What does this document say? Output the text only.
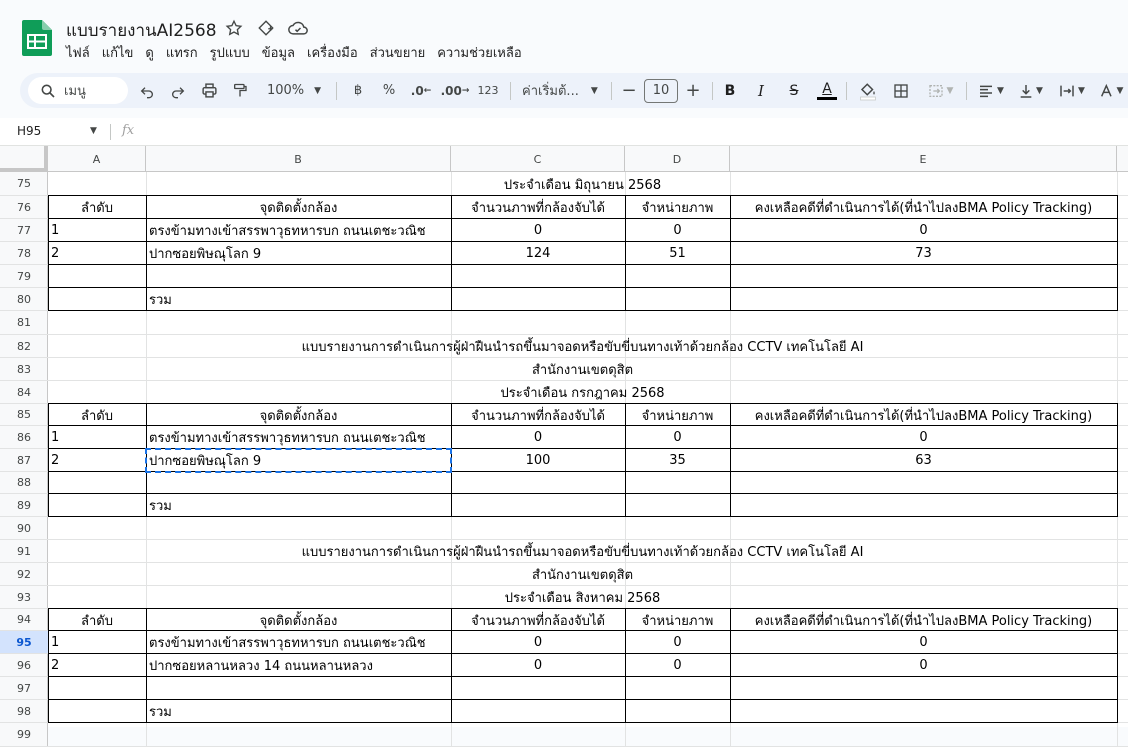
แบบรายงานAI2568
ไฟล์ แก้ไข ดู แทรก รูปแบบ ข้อมูล เครื่องมือ ส่วนขยาย ความช่วยเหลือ
เมนู	100% ▼	฿ % .0 ← .00 → 123 ค่าเริ่มต้... ▼ −	10 +	B	I	S	A	▼	▼	▼	▼	▼
H95	▼ fx
A	B	C	D	E
75
76
77
78
79
80
81
82
83
84
85
86
87
88
89
90
91
92
93
94
95
96
97
98
99
ประจำเดือน มิถุนายน 2568
ลำดับ	จุดติดตั้งกล้อง	จำนวนภาพที่กล้องจับได้	จำหน่ายภาพ	คงเหลือคดีที่ดำเนินการได้(ที่นำไปลงBMA Policy Tracking)
1	ตรงข้ามทางเข้าสรรพาวุธทหารบก ถนนเตชะวณิช	0	0	0
2	ปากซอยพิษณุโลก 9	124	51	73
รวม
แบบรายงานการดำเนินการผู้ฝ่าฝืนนำรถขึ้นมาจอดหรือขับขี่บนทางเท้าด้วยกล้อง CCTV เทคโนโลยี AI
สำนักงานเขตดุสิต
ประจำเดือน กรกฎาคม 2568
ลำดับ	จุดติดตั้งกล้อง	จำนวนภาพที่กล้องจับได้	จำหน่ายภาพ	คงเหลือคดีที่ดำเนินการได้(ที่นำไปลงBMA Policy Tracking)
1	ตรงข้ามทางเข้าสรรพาวุธทหารบก ถนนเตชะวณิช	0	0	0
2	ปากซอยพิษณุโลก 9	100	35	63
รวม
แบบรายงานการดำเนินการผู้ฝ่าฝืนนำรถขึ้นมาจอดหรือขับขี่บนทางเท้าด้วยกล้อง CCTV เทคโนโลยี AI
สำนักงานเขตดุสิต
ประจำเดือน สิงหาคม 2568
ลำดับ	จุดติดตั้งกล้อง	จำนวนภาพที่กล้องจับได้	จำหน่ายภาพ	คงเหลือคดีที่ดำเนินการได้(ที่นำไปลงBMA Policy Tracking)
1	ตรงข้ามทางเข้าสรรพาวุธทหารบก ถนนเตชะวณิช	0	0	0
2	ปากซอยหลานหลวง 14 ถนนหลานหลวง	0	0	0
รวม
